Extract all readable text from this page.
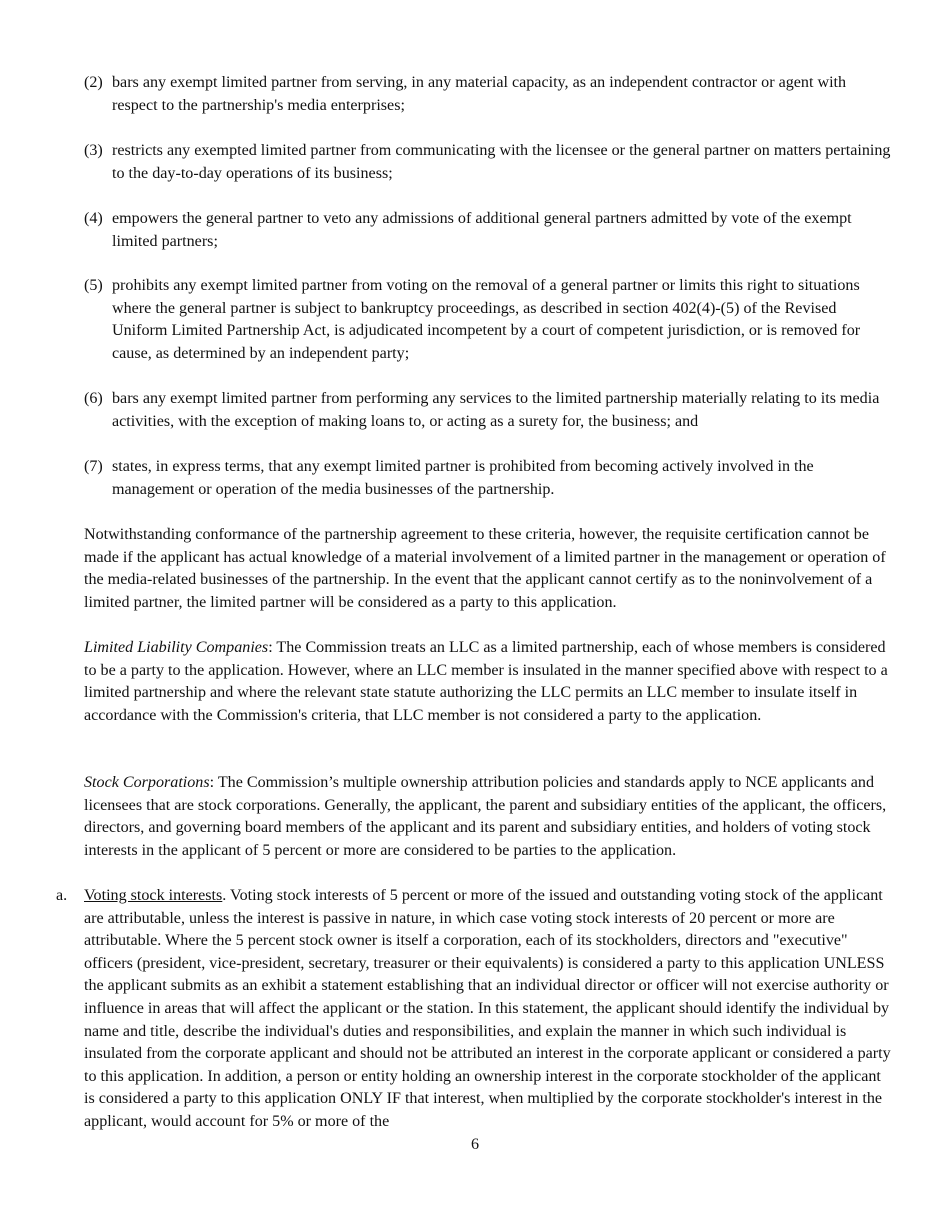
(2) bars any exempt limited partner from serving, in any material capacity, as an independent contractor or agent with respect to the partnership's media enterprises;
(3) restricts any exempted limited partner from communicating with the licensee or the general partner on matters pertaining to the day-to-day operations of its business;
(4) empowers the general partner to veto any admissions of additional general partners admitted by vote of the exempt limited partners;
(5) prohibits any exempt limited partner from voting on the removal of a general partner or limits this right to situations where the general partner is subject to bankruptcy proceedings, as described in section 402(4)-(5) of the Revised Uniform Limited Partnership Act, is adjudicated incompetent by a court of competent jurisdiction, or is removed for cause, as determined by an independent party;
(6) bars any exempt limited partner from performing any services to the limited partnership materially relating to its media activities, with the exception of making loans to, or acting as a surety for, the business; and
(7) states, in express terms, that any exempt limited partner is prohibited from becoming actively involved in the management or operation of the media businesses of the partnership.
Notwithstanding conformance of the partnership agreement to these criteria, however, the requisite certification cannot be made if the applicant has actual knowledge of a material involvement of a limited partner in the management or operation of the media-related businesses of the partnership. In the event that the applicant cannot certify as to the noninvolvement of a limited partner, the limited partner will be considered as a party to this application.
Limited Liability Companies: The Commission treats an LLC as a limited partnership, each of whose members is considered to be a party to the application. However, where an LLC member is insulated in the manner specified above with respect to a limited partnership and where the relevant state statute authorizing the LLC permits an LLC member to insulate itself in accordance with the Commission's criteria, that LLC member is not considered a party to the application.
Stock Corporations: The Commission’s multiple ownership attribution policies and standards apply to NCE applicants and licensees that are stock corporations. Generally, the applicant, the parent and subsidiary entities of the applicant, the officers, directors, and governing board members of the applicant and its parent and subsidiary entities, and holders of voting stock interests in the applicant of 5 percent or more are considered to be parties to the application.
a. Voting stock interests. Voting stock interests of 5 percent or more of the issued and outstanding voting stock of the applicant are attributable, unless the interest is passive in nature, in which case voting stock interests of 20 percent or more are attributable. Where the 5 percent stock owner is itself a corporation, each of its stockholders, directors and "executive" officers (president, vice-president, secretary, treasurer or their equivalents) is considered a party to this application UNLESS the applicant submits as an exhibit a statement establishing that an individual director or officer will not exercise authority or influence in areas that will affect the applicant or the station. In this statement, the applicant should identify the individual by name and title, describe the individual's duties and responsibilities, and explain the manner in which such individual is insulated from the corporate applicant and should not be attributed an interest in the corporate applicant or considered a party to this application. In addition, a person or entity holding an ownership interest in the corporate stockholder of the applicant is considered a party to this application ONLY IF that interest, when multiplied by the corporate stockholder's interest in the applicant, would account for 5% or more of the
6
